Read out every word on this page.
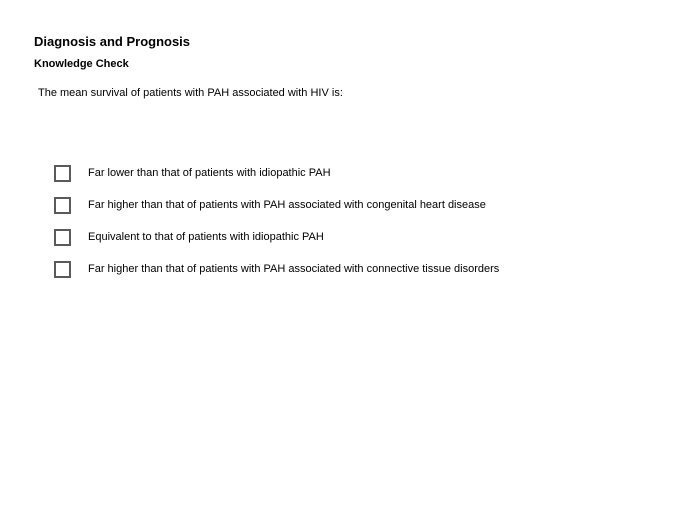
Diagnosis and Prognosis
Knowledge Check
The mean survival of patients with PAH associated with HIV is:
Far lower than that of patients with idiopathic PAH
Far higher than that of patients with PAH associated with congenital heart disease
Equivalent to that of patients with idiopathic PAH
Far higher than that of patients with PAH associated with connective tissue disorders
